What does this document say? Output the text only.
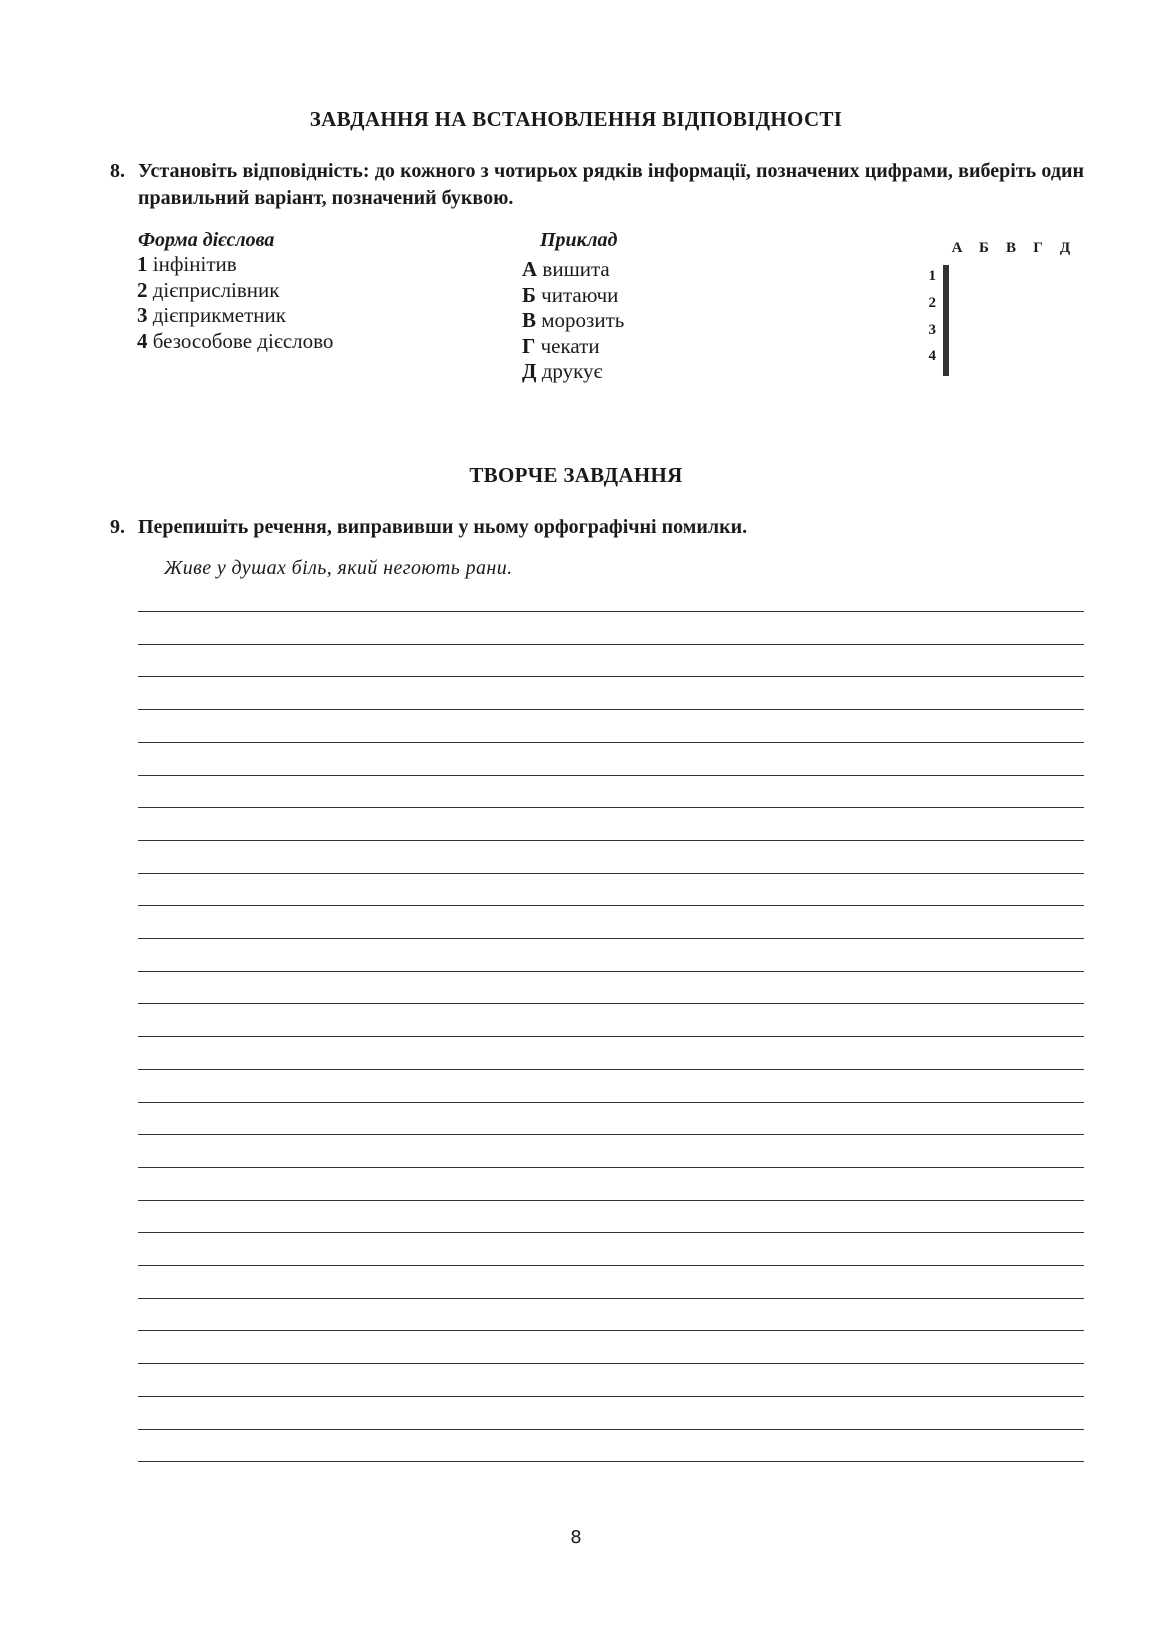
ЗАВДАННЯ НА ВСТАНОВЛЕННЯ ВІДПОВІДНОСТІ
8. Установіть відповідність: до кожного з чотирьох рядків інформації, позначених цифрами, виберіть один правильний варіант, позначений буквою.
Форма дієслова
1 інфінітив
2 дієприслівник
3 дієприкметник
4 безособове дієслово
Приклад
А вишита
Б читаючи
В морозить
Г чекати
Д друкує
А	Б	В	Г	Д
1
2
3
4

ТВОРЧЕ ЗАВДАННЯ
9. Перепишіть речення, виправивши у ньому орфографічні помилки.
Живе у душах біль, який негоють рани.
8
